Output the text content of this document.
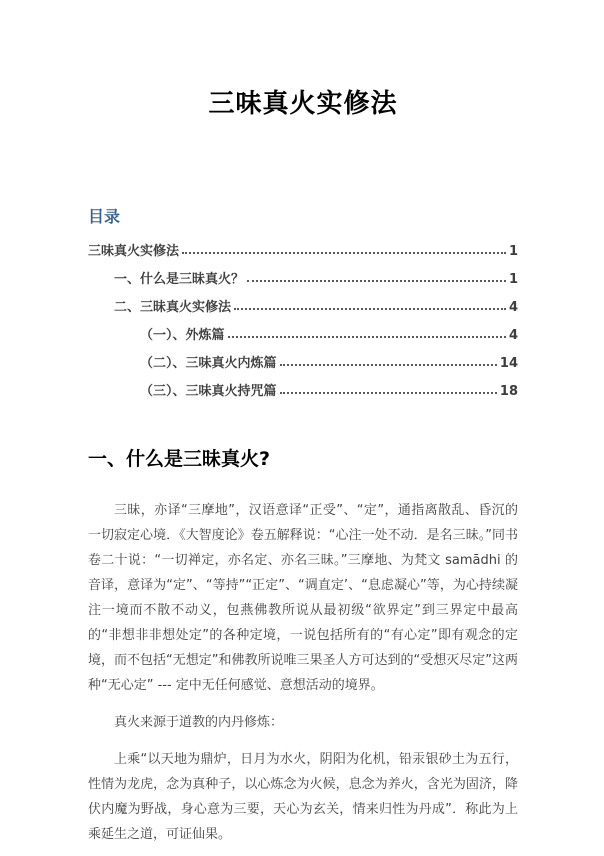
三味真火实修法
目录
三味真火实修法	1
一、什么是三昧真火？	1
二、三昧真火实修法	4
（一）、外炼篇	4
（二）、三味真火内炼篇	14
（三）、三味真火持咒篇	18
一、什么是三昧真火?

三昧，亦译“三摩地”，汉语意译“正受”、“定”，通指离散乱、昏沉的一切寂定心境．《大智度论》卷五解释说：“心注一处不动．是名三昧。”同书卷二十说：“一切禅定，亦名定、亦名三昧。”三摩地、为梵文 samādhi 的音译，意译为“定”、“等持”“正定”、“调直定’、“息虑凝心”等，为心持续凝注一境而不散不动义，包燕佛教所说从最初级“欲界定”到三界定中最高的“非想非非想处定”的各种定境，一说包括所有的“有心定”即有观念的定境，而不包括“无想定”和佛教所说唯三果圣人方可达到的“受想灭尽定”这两种“无心定” --- 定中无任何感觉、意想活动的境界。

真火来源于道教的内丹修炼：

上乘“以天地为鼎炉，日月为水火，阴阳为化机，铅汞银砂土为五行，性情为龙虎，念为真种子，以心炼念为火候，息念为养火，含光为固济，降伏内魔为野战，身心意为三要，天心为玄关，情来归性为丹成”．称此为上乘延生之道，可证仙果。
